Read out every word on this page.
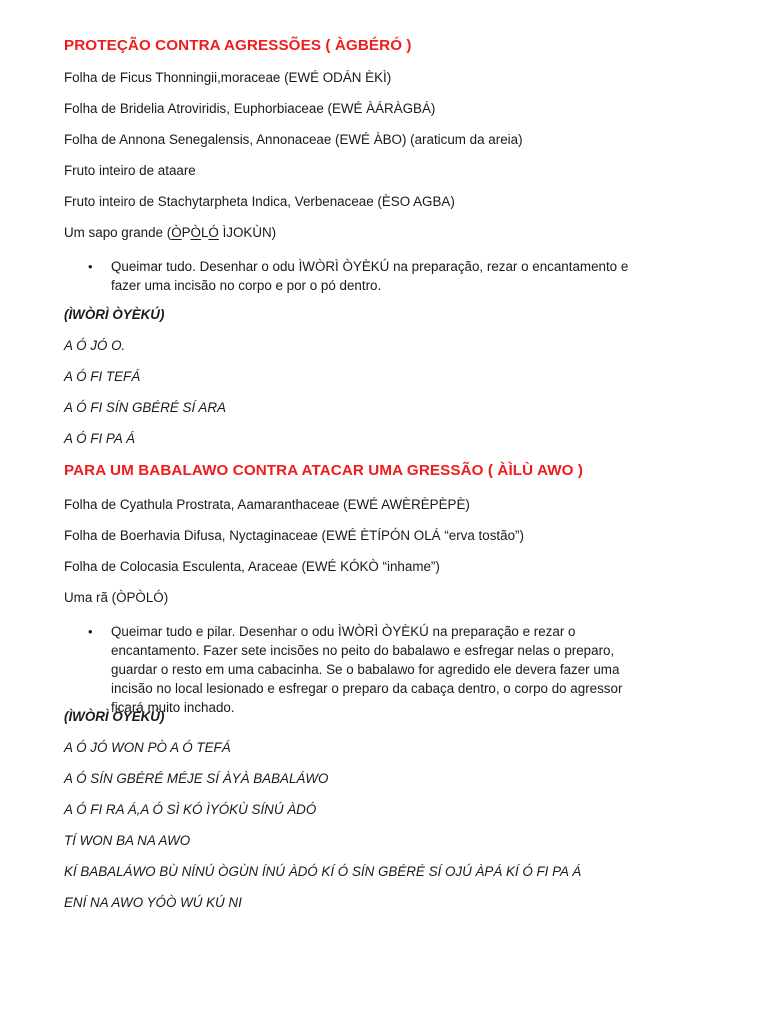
PROTEÇÃO CONTRA AGRESSÕES ( ÀGBÉRÓ )
Folha de Ficus Thonningii,moraceae (EWÉ ODÁN ÈKÌ)
Folha de Bridelia Atroviridis, Euphorbiaceae (EWÉ ÀÁRÀGBÁ)
Folha de Annona Senegalensis, Annonaceae (EWÉ ÀBO) (araticum da areia)
Fruto inteiro de ataare
Fruto inteiro de Stachytarpheta Indica, Verbenaceae (ÈSO AGBA)
Um sapo grande (ÒPÒLÓ ÌJOKÙN)
• Queimar tudo. Desenhar o odu ÌWÒRÌ ÒYÈKÚ na preparação, rezar o encantamento e fazer uma incisão no corpo e por o pó dentro.
(ÌWÒRÌ ÒYÈKÚ)
A Ó JÓ O.
A Ó FI TEFÁ
A Ó FI SÍN GBÉRÉ SÍ ARA
A Ó FI PA Á
PARA UM BABALAWO CONTRA ATACAR UMA GRESSÃO ( ÀÌLÙ AWO )
Folha de Cyathula Prostrata, Aamaranthaceae (EWÉ AWÈRÈPÈPÈ)
Folha de Boerhavia Difusa, Nyctaginaceae (EWÉ ÈTÍPÓN OLÁ “erva tostão”)
Folha de Colocasia Esculenta, Araceae (EWÉ KÓKÒ “inhame”)
Uma rã (ÒPÒLÓ)
• Queimar tudo e pilar. Desenhar o odu ÌWÒRÌ ÒYÈKÚ na preparação e rezar o encantamento. Fazer sete incisões no peito do babalawo e esfregar nelas o preparo, guardar o resto em uma cabacinha. Se o babalawo for agredido ele devera fazer uma incisão no local lesionado e esfregar o preparo da cabaça dentro, o corpo do agressor ficará muito inchado.
(ÌWÒRÌ ÒYÈKÚ)
A Ó JÓ WON PÒ A Ó TEFÁ
A Ó SÍN GBÉRÉ MÉJE SÍ ÀYÀ BABALÁWO
A Ó FI RA Á,A Ó SÌ KÓ ÌYÓKÙ SÍNÚ ÀDÓ
TÍ WON BA NA AWO
KÍ BABALÁWO BÙ NÍNÚ ÒGÙN ÍNÚ ÀDÓ KÍ Ó SÍN GBÉRÉ SÍ OJÚ ÀPÁ KÍ Ó FI PA Á
ENÍ NA AWO YÓÒ WÚ KÚ NI
